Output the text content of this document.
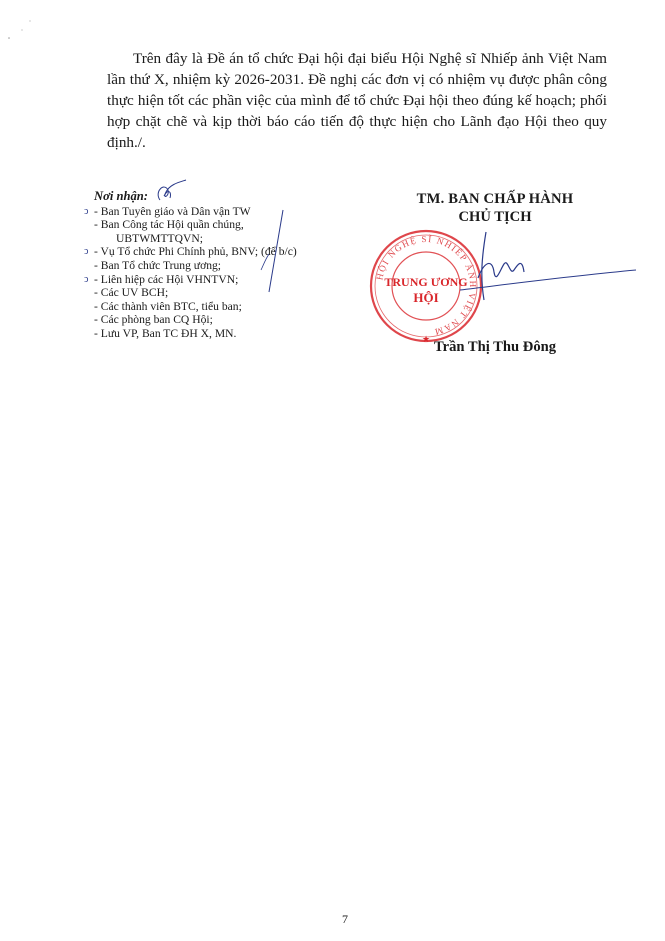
Trên đây là Đề án tổ chức Đại hội đại biểu Hội Nghệ sĩ Nhiếp ảnh Việt Nam lần thứ X, nhiệm kỳ 2026-2031. Đề nghị các đơn vị có nhiệm vụ được phân công thực hiện tốt các phần việc của mình để tổ chức Đại hội theo đúng kế hoạch; phối hợp chặt chẽ và kịp thời báo cáo tiến độ thực hiện cho Lãnh đạo Hội theo quy định./.

Nơi nhận:
ↄ - Ban Tuyên giáo và Dân vận TW
- Ban Công tác Hội quần chúng,
UBTWMTTQVN;
ↄ - Vụ Tổ chức Phi Chính phủ, BNV; (để b/c)
- Ban Tổ chức Trung ương;
ↄ - Liên hiệp các Hội VHNTVN;
- Các UV BCH;
- Các thành viên BTC, tiểu ban;
- Các phòng ban CQ Hội;
- Lưu VP, Ban TC ĐH X, MN.
TM. BAN CHẤP HÀNH
CHỦ TỊCH
HỘI NGHỆ SĨ NHIẾP ẢNH VIỆT NAM
TRUNG ƯƠNG
HỘI
★ Trần Thị Thu Đông
7
